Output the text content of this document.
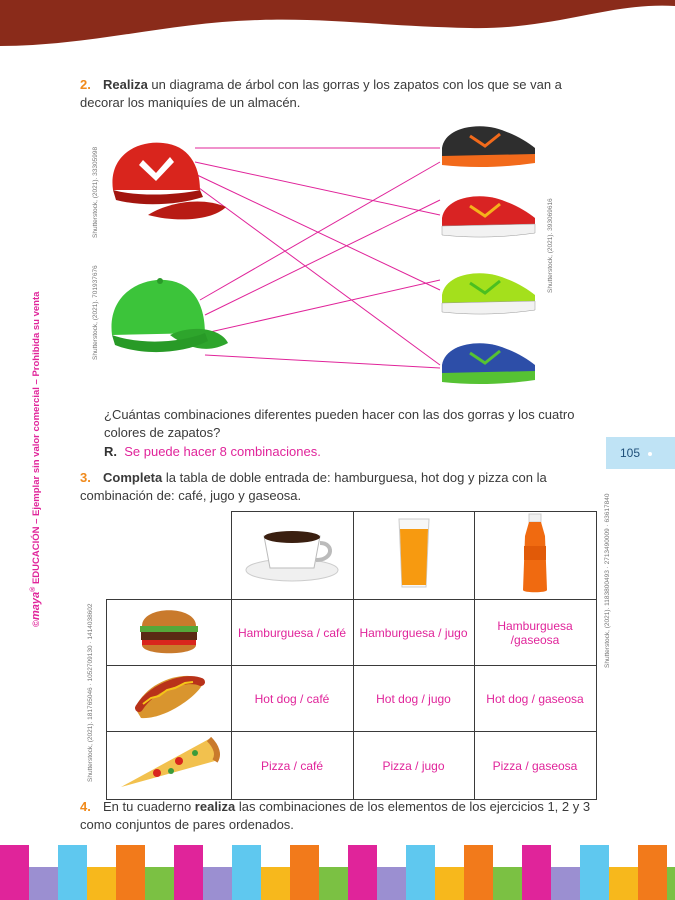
2. Realiza un diagrama de árbol con las gorras y los zapatos con los que se van a decorar los maniquíes de un almacén.
Shutterstock, (2021). 33305998
Shutterstock, (2021). 70193767​6
Shutterstock, (2021). 3930696​16
¿Cuántas combinaciones diferentes pueden hacer con las dos gorras y los cuatro colores de zapatos?
R. Se puede hacer 8 combinaciones.	105
©maya® EDUCACIÓN – Ejemplar sin valor comercial – Prohibida su venta	3. Completa la tabla de doble entrada de: hamburguesa, hot dog y pizza con la combinación de: café, jugo y gaseosa.
Shutterstock, (2021). 181765046 · 1052709130 · 1414038602
Shutterstock, (2021). 1183800493 · 2713490009 · 63617840

	Hamburguesa / café	Hamburguesa / jugo	Hamburguesa /gaseosa
	Hot dog / café	Hot dog / jugo	Hot dog / gaseosa
	Pizza / café	Pizza / jugo	Pizza / gaseosa
4. En tu cuaderno realiza las combinaciones de los elementos de los ejercicios 1, 2 y 3 como conjuntos de pares ordenados.
